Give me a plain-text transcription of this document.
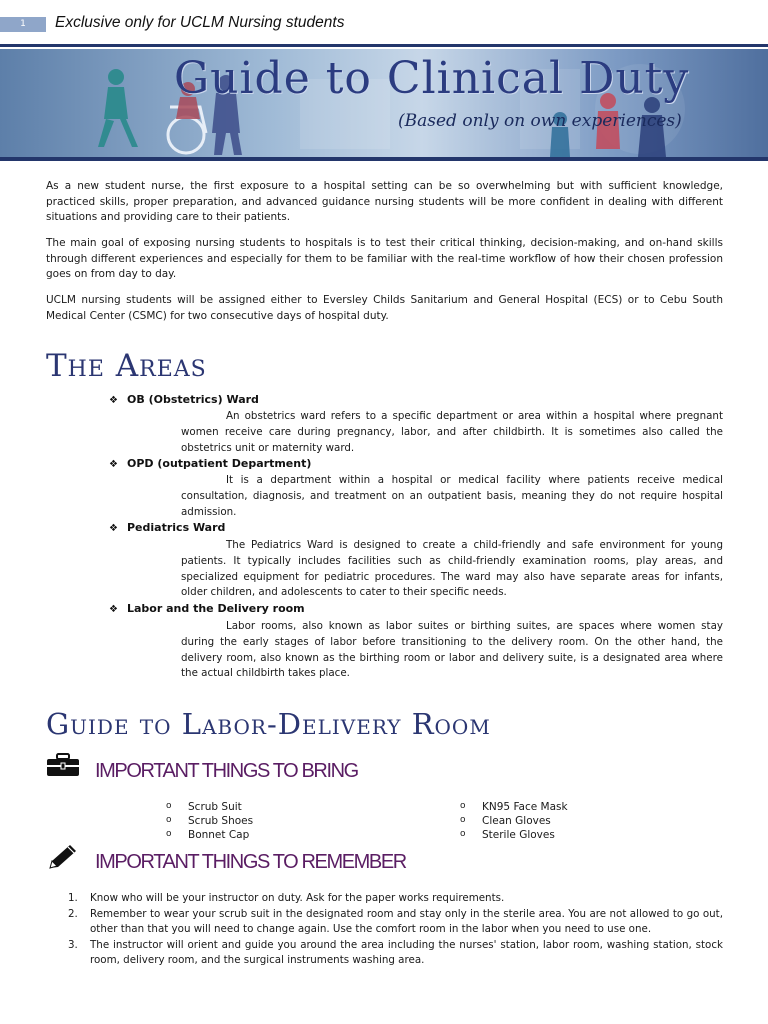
1	Exclusive only for UCLM Nursing students
Guide to Clinical Duty
(Based only on own experiences)

As a new student nurse, the first exposure to a hospital setting can be so overwhelming but with sufficient knowledge, practiced skills, proper preparation, and advanced guidance nursing students will be more confident in dealing with different situations and providing care to their patients.

The main goal of exposing nursing students to hospitals is to test their critical thinking, decision-making, and on-hand skills through different experiences and especially for them to be familiar with the real-time workflow of how their chosen profession goes on from day to day.

UCLM nursing students will be assigned either to Eversley Childs Sanitarium and General Hospital (ECS) or to Cebu South Medical Center (CSMC) for two consecutive days of hospital duty.

The Areas
❖ OB (Obstetrics) Ward

An obstetrics ward refers to a specific department or area within a hospital where pregnant women receive care during pregnancy, labor, and after childbirth. It is sometimes also called the obstetrics unit or maternity ward.

❖ OPD (outpatient Department)

It is a department within a hospital or medical facility where patients receive medical consultation, diagnosis, and treatment on an outpatient basis, meaning they do not require hospital admission.

❖ Pediatrics Ward

The Pediatrics Ward is designed to create a child-friendly and safe environment for young patients. It typically includes facilities such as child-friendly examination rooms, play areas, and specialized equipment for pediatric procedures. The ward may also have separate areas for infants, older children, and adolescents to cater to their specific needs.

❖ Labor and the Delivery room

Labor rooms, also known as labor suites or birthing suites, are spaces where women stay during the early stages of labor before transitioning to the delivery room. On the other hand, the delivery room, also known as the birthing room or labor and delivery suite, is a designated area where the actual childbirth takes place.

Guide to Labor-Delivery Room
IMPORTANT THINGS TO BRING
o Scrub Suit
o Scrub Shoes
o Bonnet Cap
o KN95 Face Mask
o Clean Gloves
o Sterile Gloves
IMPORTANT THINGS TO REMEMBER
1. Know who will be your instructor on duty. Ask for the paper works requirements.
2. Remember to wear your scrub suit in the designated room and stay only in the sterile area. You are not allowed to go out, other than that you will need to change again. Use the comfort room in the labor when you need to use one.
3. The instructor will orient and guide you around the area including the nurses' station, labor room, washing station, stock room, delivery room, and the surgical instruments washing area.
